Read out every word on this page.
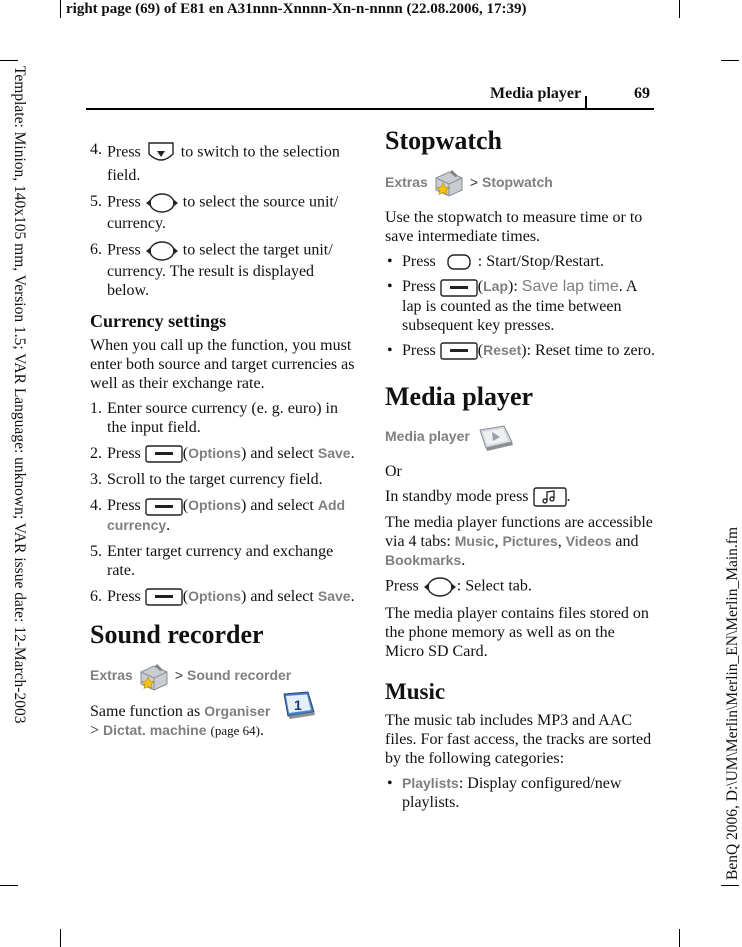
right page (69) of E81 en A31nnn-Xnnnn-Xn-n-nnnn (22.08.2006, 17:39)
Template: Minion, 140x105 mm, Version 1.5; VAR Language: unknown; VAR issue date: 12-March-2003	BenQ 2006, D:\UM\Merlin\Merlin_EN\Merlin_Main.fm
Media player	69
4. Press	to switch to the selection field.
5. Press	to select the source unit/ currency.
6. Press	to select the target unit/ currency. The result is displayed below.
Currency settings

When you call up the function, you must enter both source and target currencies as well as their exchange rate.

1. Enter source currency (e. g. euro) in the input field.
2. Press	(Options) and select Save.
3. Scroll to the target currency field.
4. Press	(Options) and select Add currency.
5. Enter target currency and exchange rate.
6. Press	(Options) and select Save.
Sound recorder
Extras	> Sound recorder

Same function as Organiser 1

> Dictat. machine (page 64).

Stopwatch
Extras	> Stopwatch

Use the stopwatch to measure time or to save intermediate times.

• Press	: Start/Stop/Restart.
• Press	(Lap): Save lap time. A lap is counted as the time between subsequent key presses.
• Press	(Reset): Reset time to zero.
Media player
Media player

Or

In standby mode press .

The media player functions are accessible via 4 tabs: Music, Pictures, Videos and Bookmarks.

Press : Select tab.

The media player contains files stored on the phone memory as well as on the Micro SD Card.

Music

The music tab includes MP3 and AAC files. For fast access, the tracks are sorted by the following categories:

• Playlists: Display configured/new playlists.
